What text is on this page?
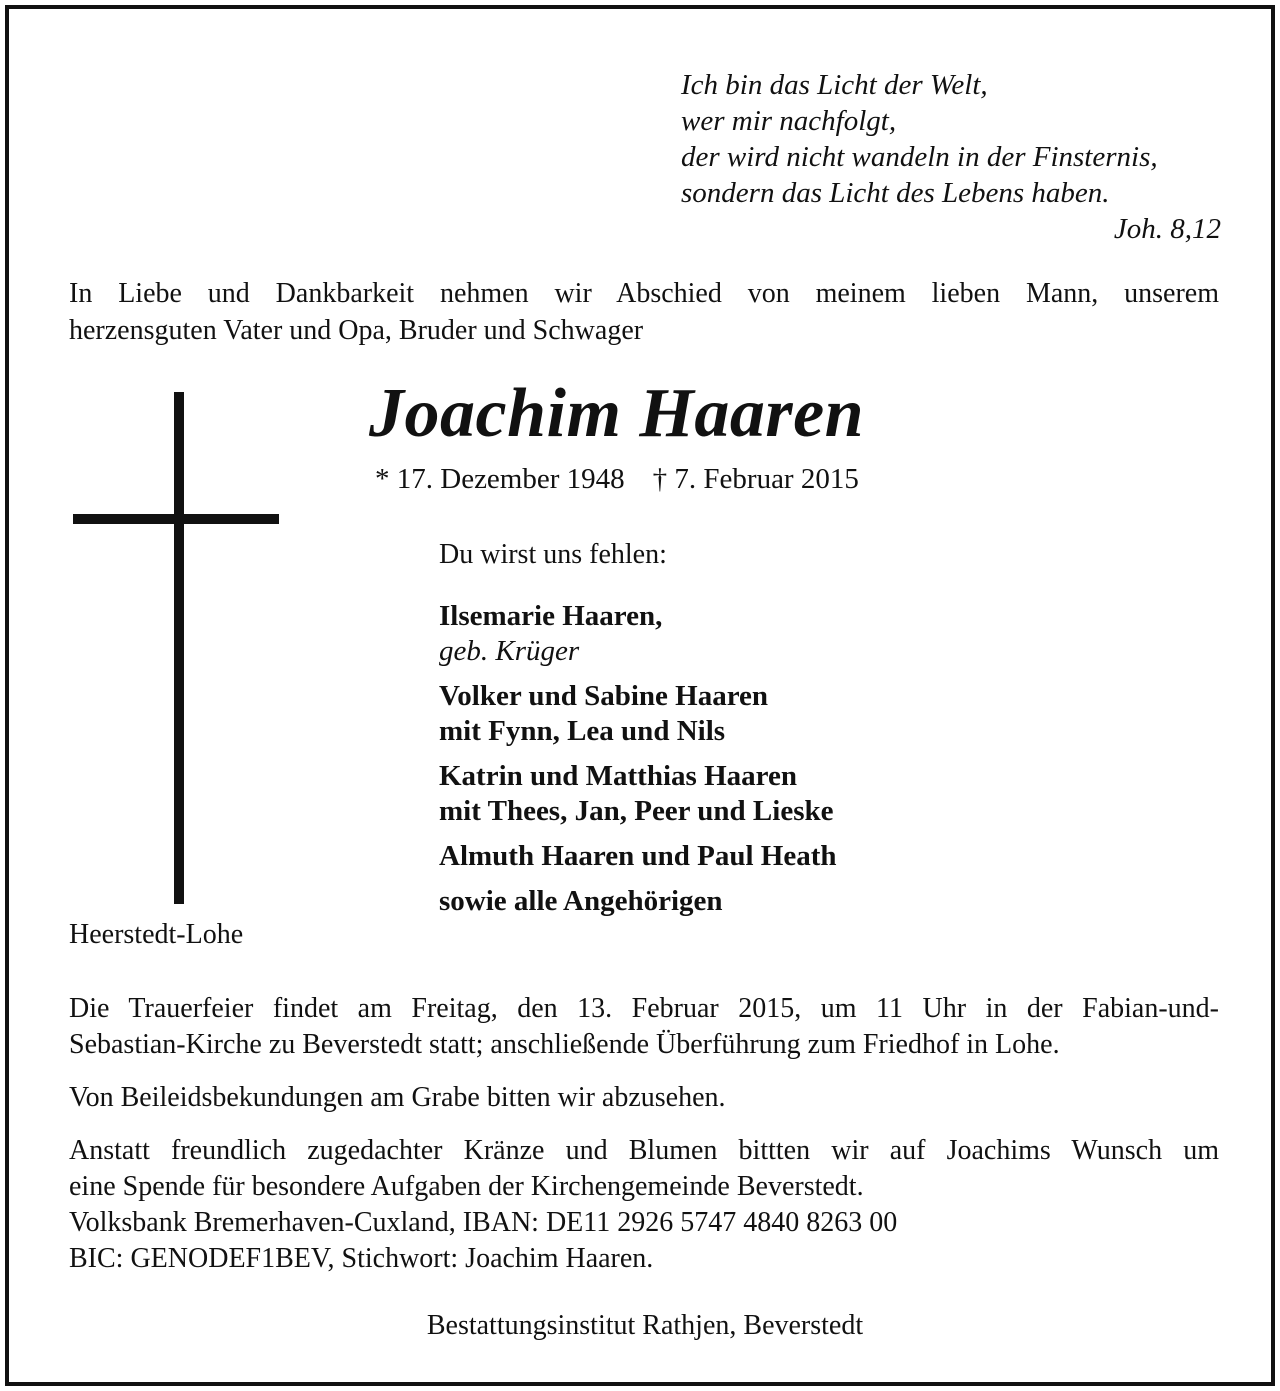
Ich bin das Licht der Welt,
wer mir nachfolgt,
der wird nicht wandeln in der Finsternis,
sondern das Licht des Lebens haben.
Joh. 8,12
In Liebe und Dankbarkeit nehmen wir Abschied von meinem lieben Mann, unserem
herzensguten Vater und Opa, Bruder und Schwager
Joachim Haaren
* 17. Dezember 1948 † 7. Februar 2015
Du wirst uns fehlen:
Ilsemarie Haaren,
geb. Krüger
Volker und Sabine Haaren
mit Fynn, Lea und Nils
Katrin und Matthias Haaren
mit Thees, Jan, Peer und Lieske
Almuth Haaren und Paul Heath
sowie alle Angehörigen
Heerstedt-Lohe
Die Trauerfeier findet am Freitag, den 13. Februar 2015, um 11 Uhr in der Fabian-und-
Sebastian-Kirche zu Beverstedt statt; anschließende Überführung zum Friedhof in Lohe.
Von Beileidsbekundungen am Grabe bitten wir abzusehen.
Anstatt freundlich zugedachter Kränze und Blumen bittten wir auf Joachims Wunsch um
eine Spende für besondere Aufgaben der Kirchengemeinde Beverstedt.
Volksbank Bremerhaven-Cuxland, IBAN: DE11 2926 5747 4840 8263 00
BIC: GENODEF1BEV, Stichwort: Joachim Haaren.
Bestattungsinstitut Rathjen, Beverstedt
